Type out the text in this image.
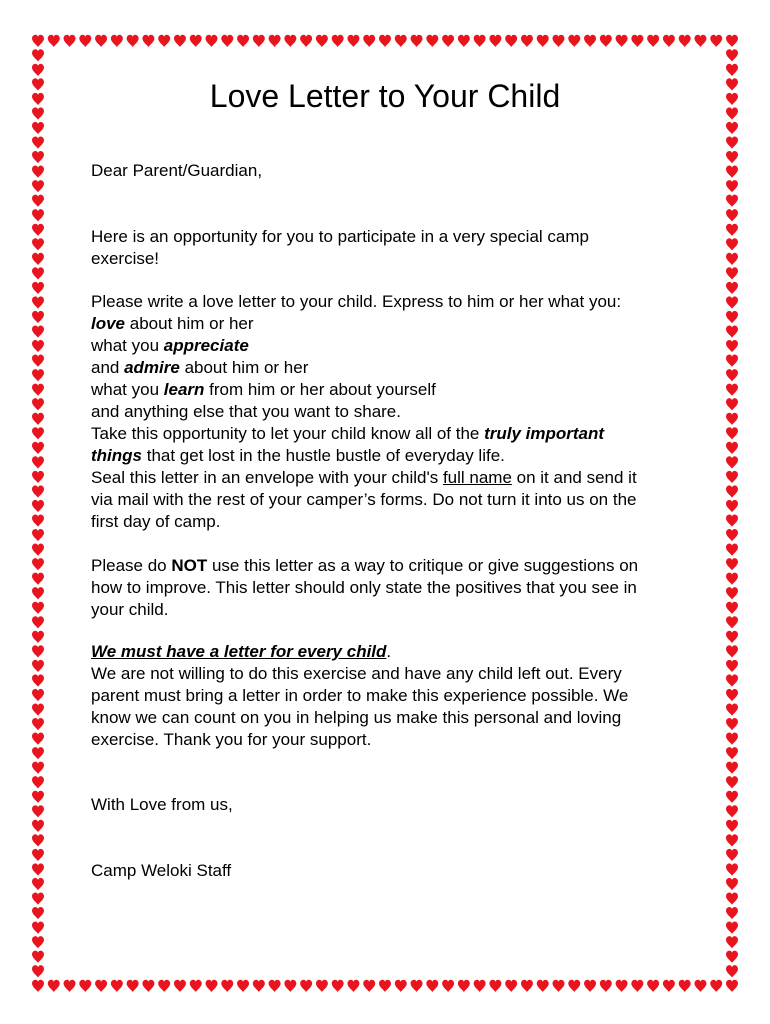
Love Letter to Your Child
Dear Parent/Guardian,
Here is an opportunity for you to participate in a very special camp
exercise!
Please write a love letter to your child. Express to him or her what you:
love about him or her
what you appreciate
and admire about him or her
what you learn from him or her about yourself
and anything else that you want to share.
Take this opportunity to let your child know all of the truly important
things that get lost in the hustle bustle of everyday life.
Seal this letter in an envelope with your child's full name on it and send it
via mail with the rest of your camper’s forms. Do not turn it into us on the
first day of camp.
Please do NOT use this letter as a way to critique or give suggestions on
how to improve. This letter should only state the positives that you see in
your child.
We must have a letter for every child.
We are not willing to do this exercise and have any child left out. Every
parent must bring a letter in order to make this experience possible. We
know we can count on you in helping us make this personal and loving
exercise. Thank you for your support.
With Love from us,
Camp Weloki Staff
